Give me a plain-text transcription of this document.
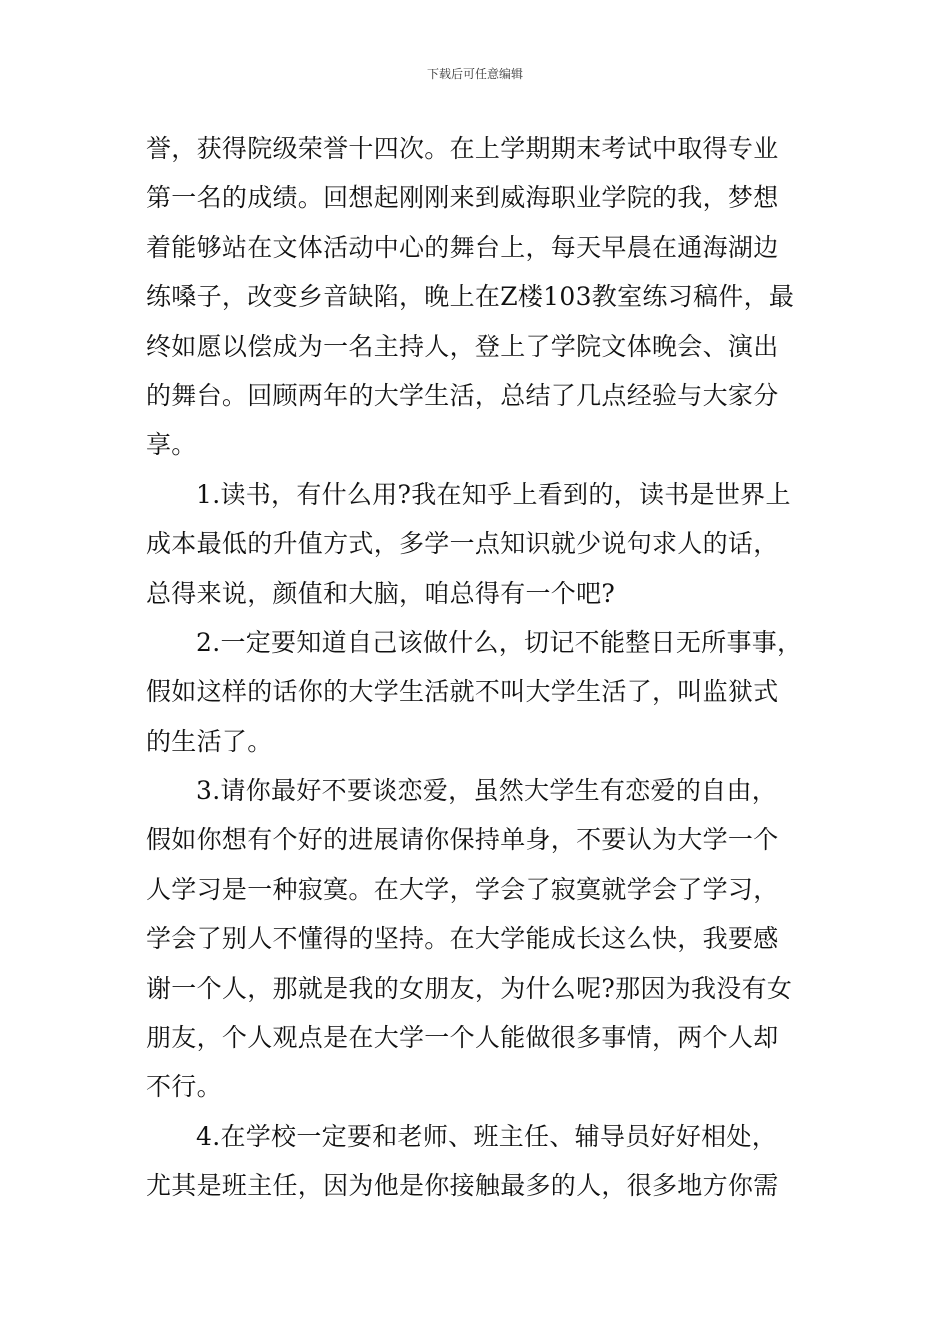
下载后可任意编辑
誉，获得院级荣誉十四次。在上学期期末考试中取得专业
第一名的成绩。回想起刚刚来到威海职业学院的我，梦想
着能够站在文体活动中心的舞台上，每天早晨在通海湖边
练嗓子，改变乡音缺陷，晚上在Z楼103教室练习稿件，最
终如愿以偿成为一名主持人，登上了学院文体晚会、演出
的舞台。回顾两年的大学生活，总结了几点经验与大家分
享。
1.读书，有什么用?我在知乎上看到的，读书是世界上
成本最低的升值方式，多学一点知识就少说句求人的话，
总得来说，颜值和大脑，咱总得有一个吧?
2.一定要知道自己该做什么，切记不能整日无所事事，
假如这样的话你的大学生活就不叫大学生活了，叫监狱式
的生活了。
3.请你最好不要谈恋爱，虽然大学生有恋爱的自由，
假如你想有个好的进展请你保持单身，不要认为大学一个
人学习是一种寂寞。在大学，学会了寂寞就学会了学习，
学会了别人不懂得的坚持。在大学能成长这么快，我要感
谢一个人，那就是我的女朋友，为什么呢?那因为我没有女
朋友，个人观点是在大学一个人能做很多事情，两个人却
不行。
4.在学校一定要和老师、班主任、辅导员好好相处，
尤其是班主任，因为他是你接触最多的人，很多地方你需
